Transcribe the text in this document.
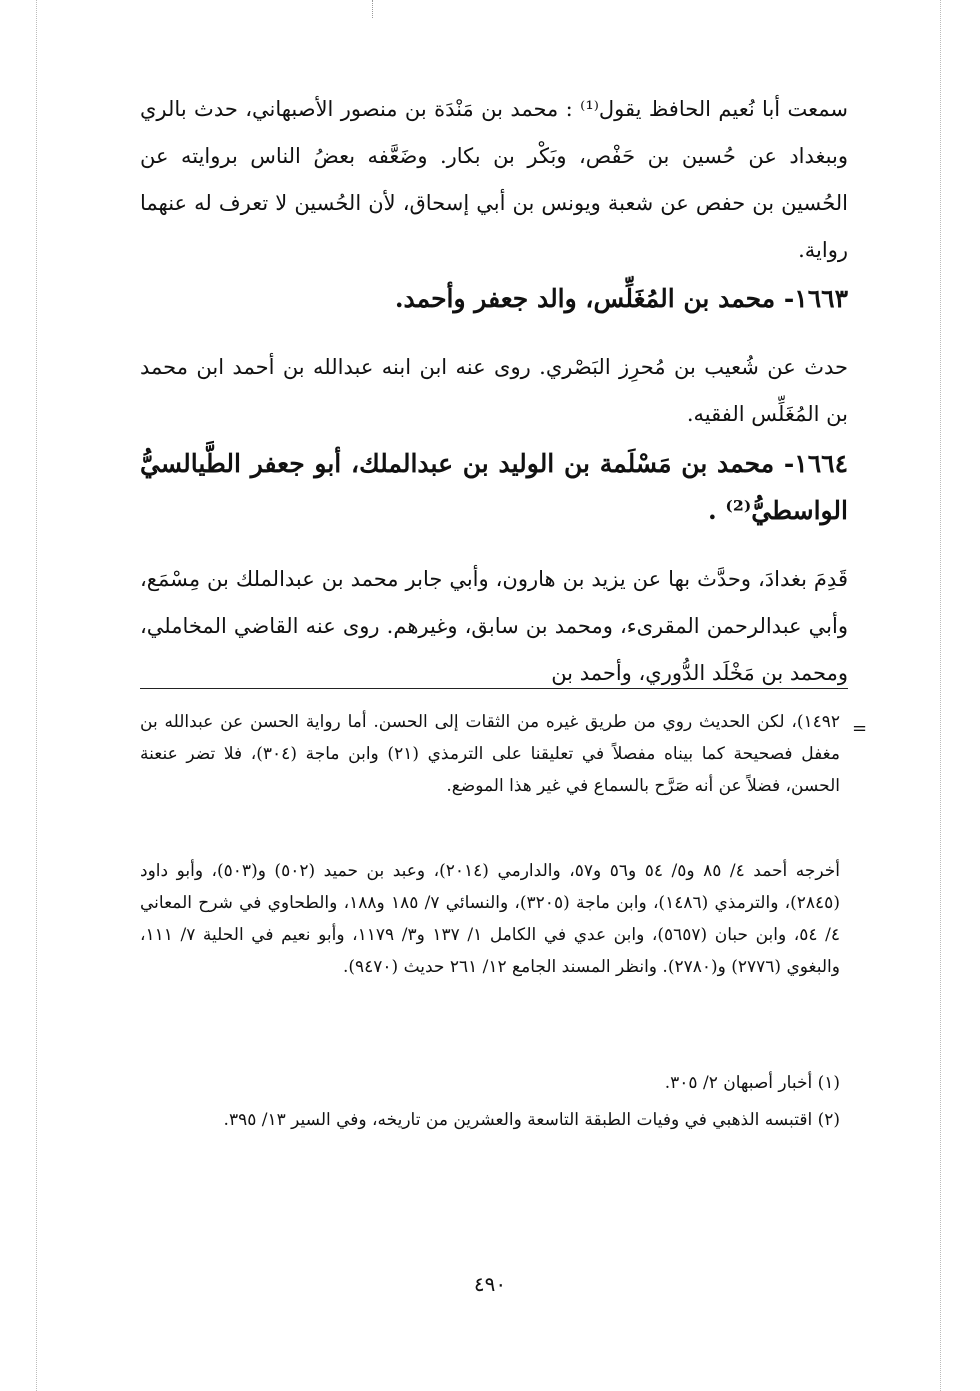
سمعت أبا نُعيم الحافظ يقول⁽¹⁾ : محمد بن مَنْدَة بن منصور الأصبهاني، حدث بالري وببغداد عن حُسين بن حَفْص، وبَكْر بن بكار. وضَعَّفه بعضُ الناس بروايته عن الحُسين بن حفص عن شعبة ويونس بن أبي إسحاق، لأن الحُسين لا تعرف له عنهما رواية.

١٦٦٣- محمد بن المُغَلِّس، والد جعفر وأحمد.

حدث عن شُعيب بن مُحرِز البَصْري. روى عنه ابن ابنه عبدالله بن أحمد ابن محمد بن المُغَلِّس الفقيه.

١٦٦٤- محمد بن مَسْلَمة بن الوليد بن عبدالملك، أبو جعفر الطَّيالسيُّ الواسطيُّ⁽²⁾ .

قَدِمَ بغدادَ، وحدَّث بها عن يزيد بن هارون، وأبي جابر محمد بن عبدالملك بن مِسْمَع، وأبي عبدالرحمن المقرىء، ومحمد بن سابق، وغيرهم. روى عنه القاضي المخاملي، ومحمد بن مَخْلَد الدُّوري، وأحمد بن

=

١٤٩٢)، لكن الحديث روي من طريق غيره من الثقات إلى الحسن. أما رواية الحسن عن عبدالله بن مغفل فصحيحة كما بيناه مفصلاً في تعليقنا على الترمذي (٢١) وابن ماجة (٣٠٤)، فلا تضر عنعنة الحسن، فضلاً عن أنه صَرَّح بالسماع في غير هذا الموضع.

أخرجه أحمد ٤/ ٨٥ و٥/ ٥٤ و٥٦ و٥٧، والدارمي (٢٠١٤)، وعبد بن حميد (٥٠٢) و(٥٠٣)، وأبو داود (٢٨٤٥)، والترمذي (١٤٨٦)، وابن ماجة (٣٢٠٥)، والنسائي ٧/ ١٨٥ و١٨٨، والطحاوي في شرح المعاني ٤/ ٥٤، وابن حبان (٥٦٥٧)، وابن عدي في الكامل ١/ ١٣٧ و٣/ ١١٧٩، وأبو نعيم في الحلية ٧/ ١١١، والبغوي (٢٧٧٦) و(٢٧٨٠). وانظر المسند الجامع ١٢/ ٢٦١ حديث (٩٤٧٠).

(١) أخبار أصبهان ٢/ ٣٠٥.

(٢) اقتبسه الذهبي في وفيات الطبقة التاسعة والعشرين من تاريخه، وفي السير ١٣/ ٣٩٥.

٤٩٠
